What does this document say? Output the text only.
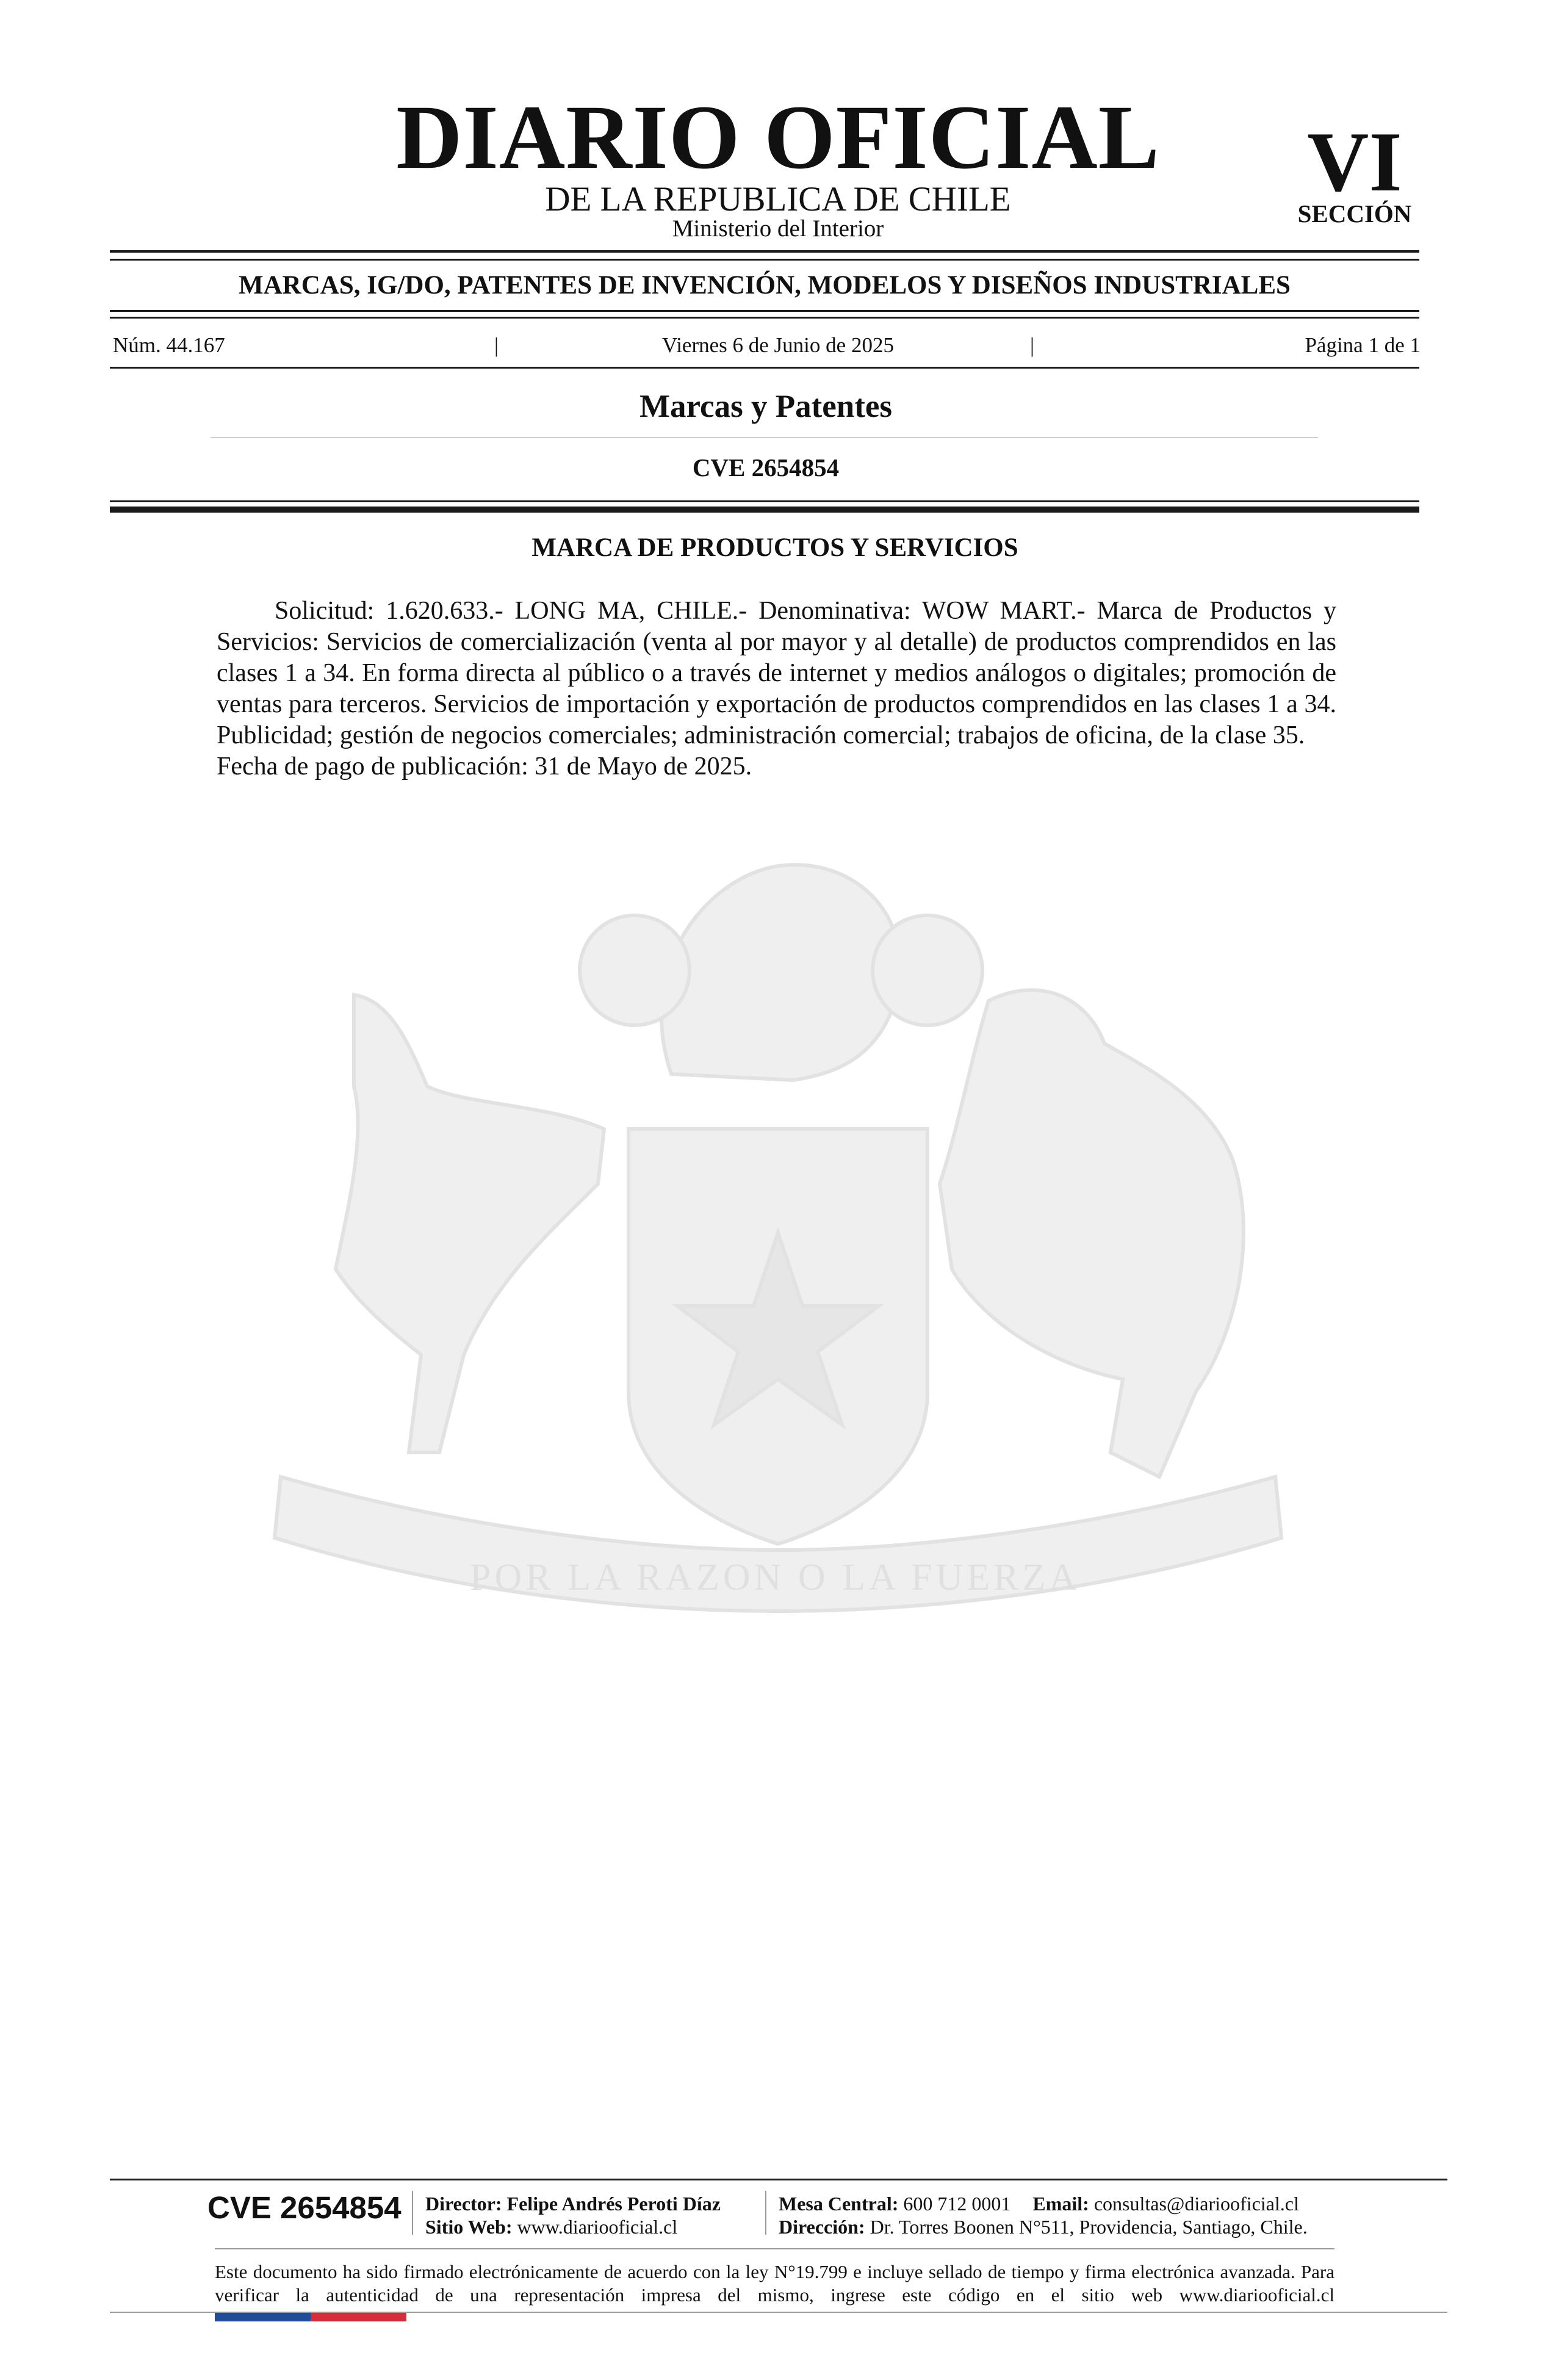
POR LA RAZON O LA FUERZA
DIARIO OFICIAL
DE LA REPUBLICA DE CHILE
Ministerio del Interior
VI
SECCIÓN
MARCAS, IG/DO, PATENTES DE INVENCIÓN, MODELOS Y DISEÑOS INDUSTRIALES
Núm. 44.167	|	Viernes 6 de Junio de 2025	|	Página 1 de 1
Marcas y Patentes
CVE 2654854
MARCA DE PRODUCTOS Y SERVICIOS

Solicitud: 1.620.633.- LONG MA, CHILE.- Denominativa: WOW MART.- Marca de Productos y Servicios: Servicios de comercialización (venta al por mayor y al detalle) de productos comprendidos en las clases 1 a 34. En forma directa al público o a través de internet y medios análogos o digitales; promoción de ventas para terceros. Servicios de importación y exportación de productos comprendidos en las clases 1 a 34. Publicidad; gestión de negocios comerciales; administración comercial; trabajos de oficina, de la clase 35.

Fecha de pago de publicación: 31 de Mayo de 2025.

CVE 2654854	Director: Felipe Andrés Peroti Díaz
Sitio Web: www.diariooficial.cl
Mesa Central: 600 712 0001 Email: consultas@diariooficial.cl
Dirección: Dr. Torres Boonen N°511, Providencia, Santiago, Chile.
Este documento ha sido firmado electrónicamente de acuerdo con la ley N°19.799 e incluye sellado de tiempo y firma electrónica avanzada. Para verificar la autenticidad de una representación impresa del mismo, ingrese este código en el sitio web www.diariooficial.cl
